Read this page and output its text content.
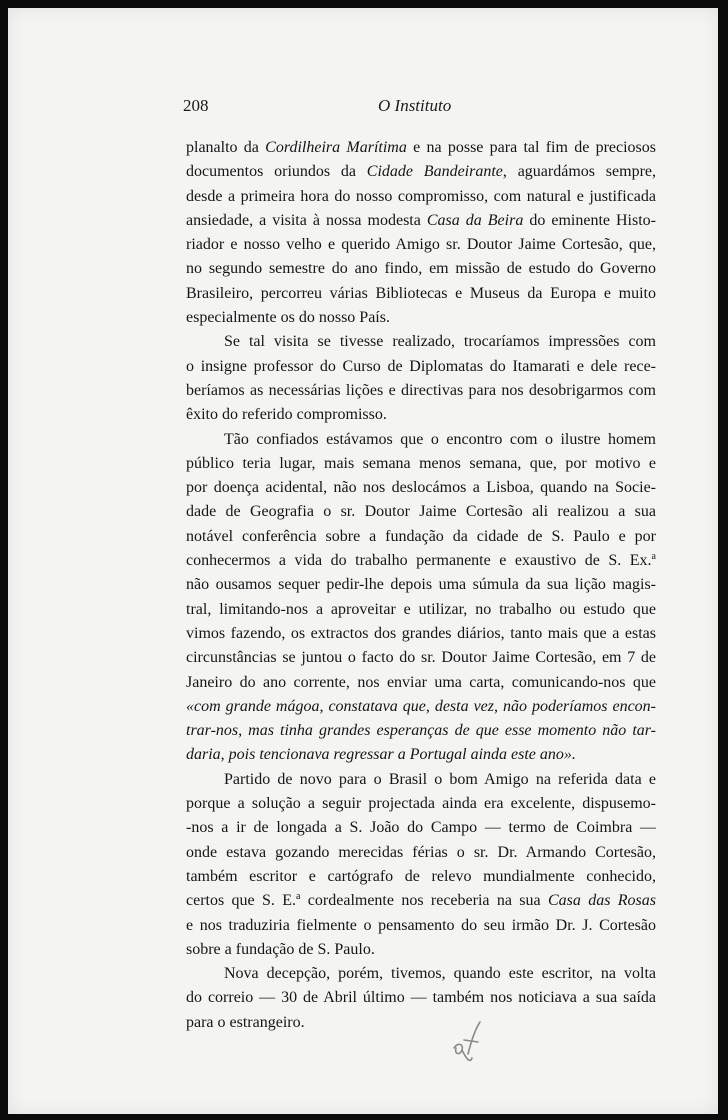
208	O Instituto
planalto da Cordilheira Marítima e na posse para tal fim de preciosos
documentos oriundos da Cidade Bandeirante, aguardámos sempre,
desde a primeira hora do nosso compromisso, com natural e justificada
ansiedade, a visita à nossa modesta Casa da Beira do eminente Histo-
riador e nosso velho e querido Amigo sr. Doutor Jaime Cortesão, que,
no segundo semestre do ano findo, em missão de estudo do Governo
Brasileiro, percorreu várias Bibliotecas e Museus da Europa e muito
especialmente os do nosso País.
Se tal visita se tivesse realizado, trocaríamos impressões com
o insigne professor do Curso de Diplomatas do Itamarati e dele rece-
beríamos as necessárias lições e directivas para nos desobrigarmos com
êxito do referido compromisso.
Tão confiados estávamos que o encontro com o ilustre homem
público teria lugar, mais semana menos semana, que, por motivo e
por doença acidental, não nos deslocámos a Lisboa, quando na Socie-
dade de Geografia o sr. Doutor Jaime Cortesão ali realizou a sua
notável conferência sobre a fundação da cidade de S. Paulo e por
conhecermos a vida do trabalho permanente e exaustivo de S. Ex.$^a$
não ousamos sequer pedir-lhe depois uma súmula da sua lição magis-
tral, limitando-nos a aproveitar e utilizar, no trabalho ou estudo que
vimos fazendo, os extractos dos grandes diários, tanto mais que a estas
circunstâncias se juntou o facto do sr. Doutor Jaime Cortesão, em 7 de
Janeiro do ano corrente, nos enviar uma carta, comunicando-nos que
«com grande mágoa, constatava que, desta vez, não poderíamos encon-
trar-nos, mas tinha grandes esperanças de que esse momento não tar-
daria, pois tencionava regressar a Portugal ainda este ano».
Partido de novo para o Brasil o bom Amigo na referida data e
porque a solução a seguir projectada ainda era excelente, dispusemo-
-nos a ir de longada a S. João do Campo — termo de Coimbra —
onde estava gozando merecidas férias o sr. Dr. Armando Cortesão,
também escritor e cartógrafo de relevo mundialmente conhecido,
certos que S. E.$^a$ cordealmente nos receberia na sua Casa das Rosas
e nos traduziria fielmente o pensamento do seu irmão Dr. J. Cortesão
sobre a fundação de S. Paulo.
Nova decepção, porém, tivemos, quando este escritor, na volta
do correio — 30 de Abril último — também nos noticiava a sua saída
para o estrangeiro.
